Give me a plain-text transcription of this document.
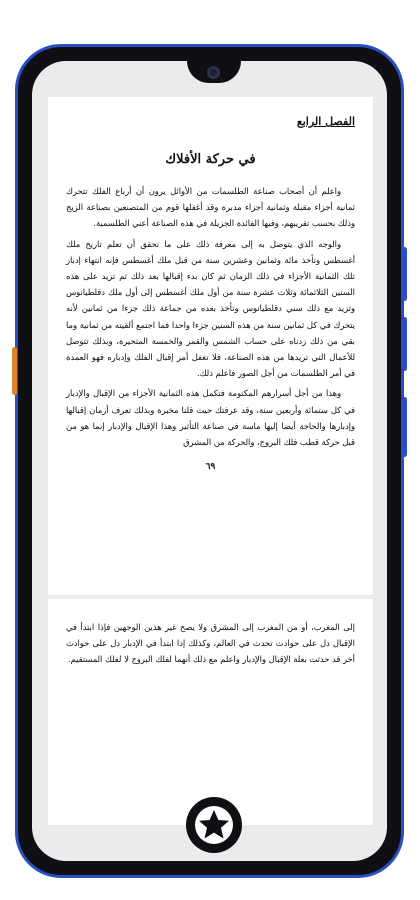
الفصل الرابع
في حركة الأفلاك

واعلم أن أصحاب صناعة الطلسمات من الأوائل يرون أن أرباع الفلك تتحرك ثمانية أجزاء مقبلة وثمانية أجزاء مدبرة وقد أغفلها قوم من المتصنعين بصناعة الزيج وذلك بحسب تقريبهم، وفيها الفائدة الجزيلة في هذه الصناعة أعني الطلسمية.

والوجه الذي يتوصل به إلى معرفة ذلك على ما تحقق أن تعلم تاريخ ملك أغسطس وتأخذ مائة وثمانين وعشرين سنة من قبل ملك أغسطس فإنه انتهاء إدبار تلك الثمانية الأجزاء في ذلك الزمان ثم كان بدء إقبالها بعد ذلك ثم تزيد على هذه السنين الثلاثمائة وثلاث عشرة سنة من أول ملك أغسطس إلى أول ملك دقلطيانوس وتزيد مع ذلك سني دقلطيانوس وتأخذ بعده من جماعة ذلك جزءا من ثمانين لأنه يتحرك في كل ثمانين سنة من هذه السنين جزءا واحدا فما اجتمع ألقيته من ثمانية وما بقي من ذلك زدناه على حساب الشمس والقمر والخمسة المتحيرة، وبذلك تتوصل للأعمال التي تريدها من هذه الصناعة، فلا تغفل أمر إقبال الفلك وإدباره فهو العمدة في أمر الطلسمات من أجل الصور فاعلم ذلك.

وهذا من أجل أسرارهم المكتومة فتكمل هذه الثمانية الأجزاء من الإقبال والإدبار في كل ستمائة وأربعين سنة، وقد عرفتك حيث قلنا مخبرة وبذلك تعرف أزمان إقبالها وإدبارها والحاجة أيضا إليها ماسة في صناعة التأثير وهذا الإقبال والإدبار إنما هو من قبل حركة قطب فلك البروج، والحركة من المشرق

٦٩

إلى المغرب، أو من المغرب إلى المشرق ولا يصح غير هذين الوجهين فإذا ابتدأ في الإقبال دل على حوادث تحدث في العالم، وكذلك إذا ابتدأ في الإدبار دل على حوادث أخر قد حدثت بعلة الإقبال والإدبار واعلم مع ذلك أنهما لفلك البروج لا لفلك المستقيم.
